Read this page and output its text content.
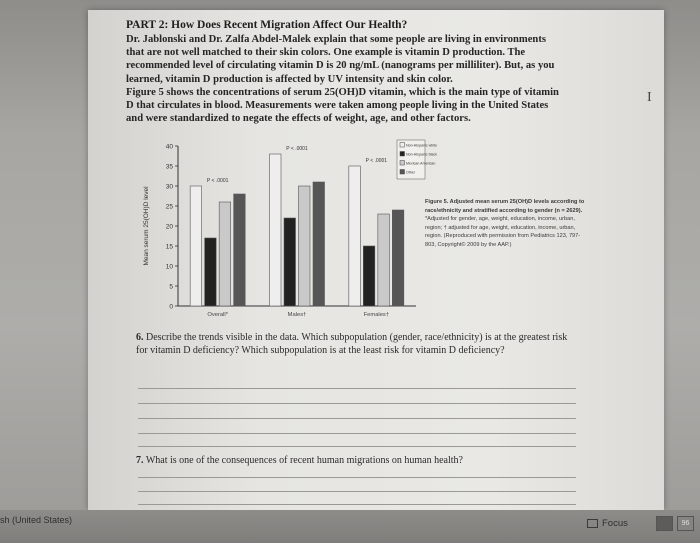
PART 2: How Does Recent Migration Affect Our Health?
Dr. Jablonski and Dr. Zalfa Abdel-Malek explain that some people are living in environments
that are not well matched to their skin colors. One example is vitamin D production. The
recommended level of circulating vitamin D is 20 ng/mL (nanograms per milliliter). But, as you
learned, vitamin D production is affected by UV intensity and skin color.
Figure 5 shows the concentrations of serum 25(OH)D vitamin, which is the main type of vitamin
D that circulates in blood. Measurements were taken among people living in the United States
and were standardized to negate the effects of weight, age, and other factors.
Mean serum 25(OH)D level
0
5
10
15
20
25
30
35
40
Overall*	Males†	Females†
P < .0001
P < .0001
P < .0001
Non-Hispanic white
Non-Hispanic black
Mexican American
Other
Figure 5. Adjusted mean serum 25(OH)D levels according to race/ethnicity and stratified according to gender (n = 2629). *Adjusted for gender, age, weight, education, income, urban, region; † adjusted for age, weight, education, income, urban, region. (Reproduced with permission from Pediatrics 123, 797-803, Copyright© 2009 by the AAP.)
6. Describe the trends visible in the data. Which subpopulation (gender, race/ethnicity) is at the greatest risk for vitamin D deficiency? Which subpopulation is at the least risk for vitamin D deficiency?
7. What is one of the consequences of recent human migrations on human health?
I
sh (United States)	Focus	96
